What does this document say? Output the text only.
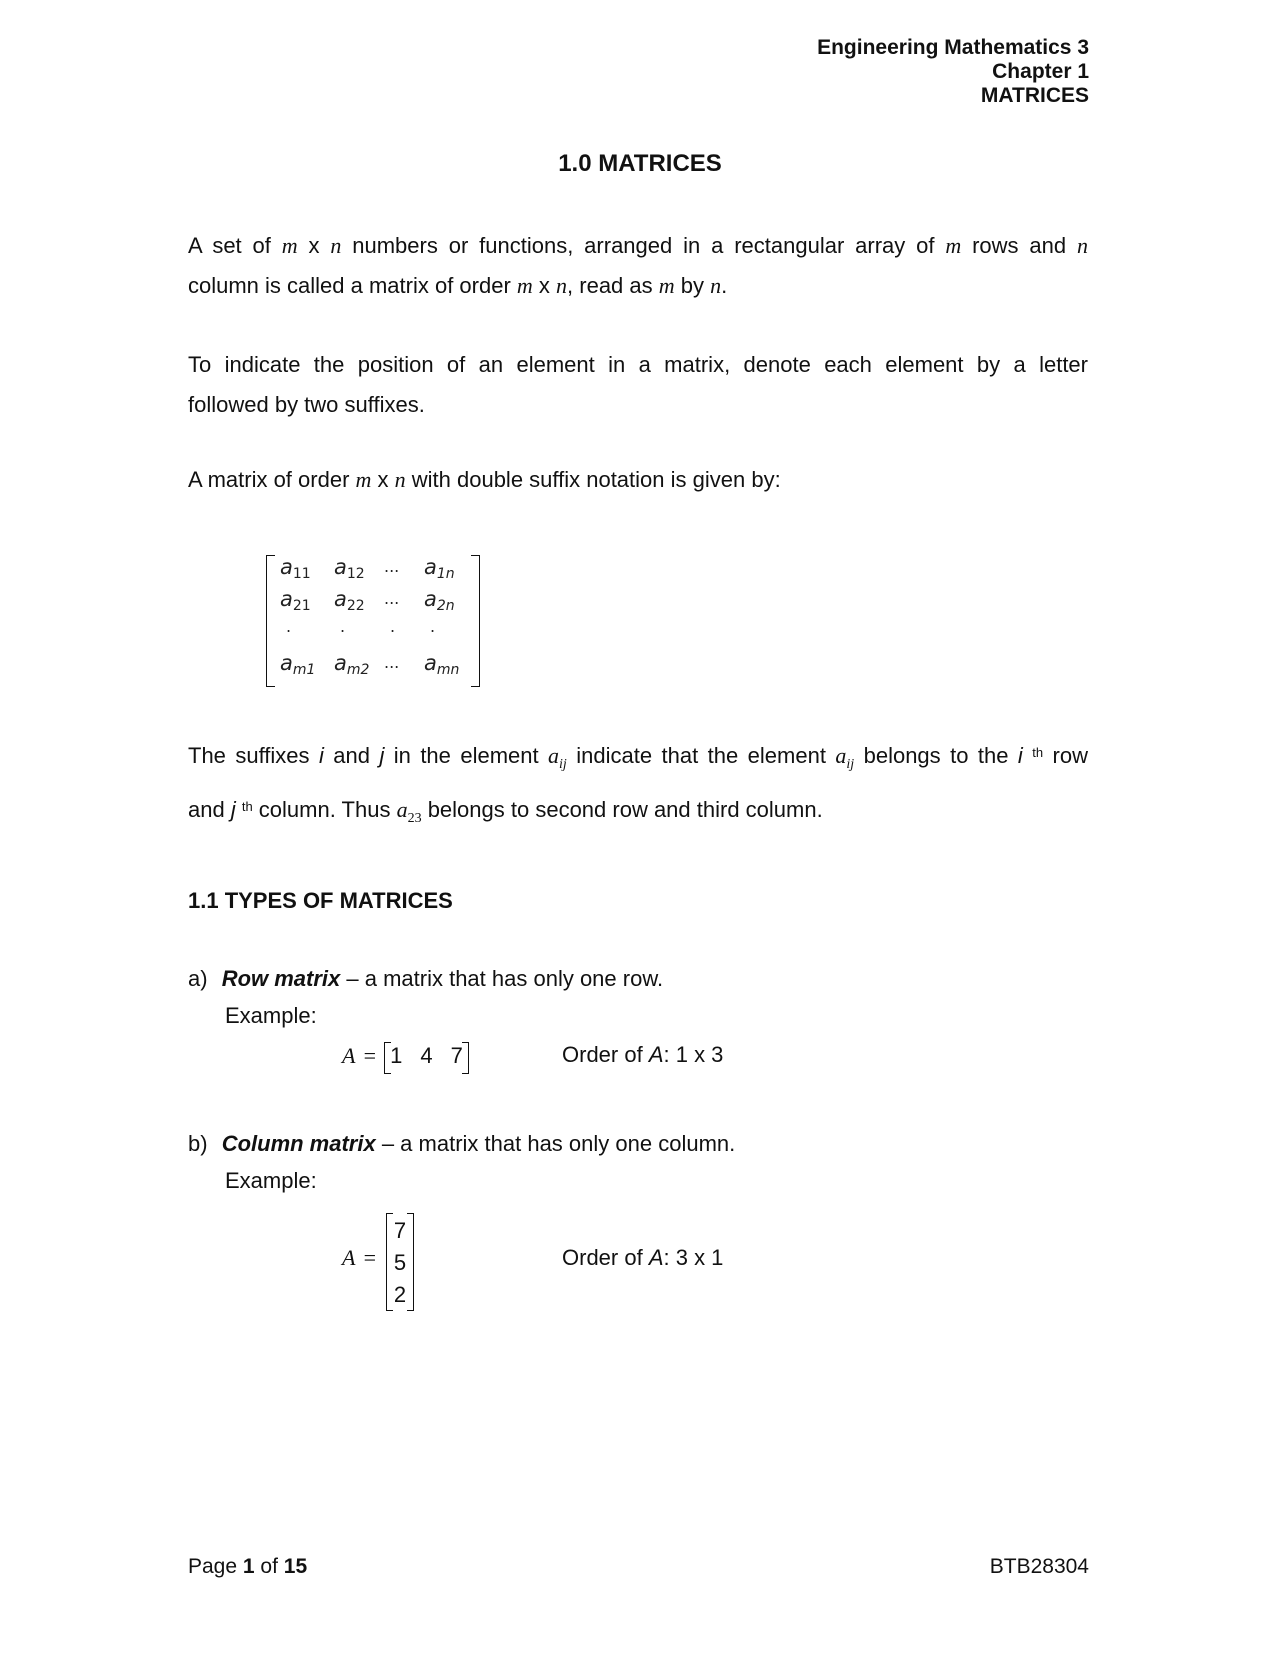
Engineering Mathematics 3
Chapter 1
MATRICES
1.0 MATRICES
A set of m x n numbers or functions, arranged in a rectangular array of m rows and n
column is called a matrix of order m x n, read as m by n.
To indicate the position of an element in a matrix, denote each element by a letter
followed by two suffixes.
A matrix of order m x n with double suffix notation is given by:
a11 a12 ... a1n
a21 a22 ... a2n
.	.	. .
am1 am2 ... amn
The suffixes i and j in the element $a_{ij}$ indicate that the element $a_{ij}$ belongs to the i $^{th}$ row
and j $^{th}$ column. Thus $a_{23}$ belongs to second row and third column.
1.1 TYPES OF MATRICES
a) Row matrix – a matrix that has only one row.
Example:
A = 1 4 7	Order of A: 1 x 3
b) Column matrix – a matrix that has only one column.
Example:
A =
7
5
2
Order of A: 3 x 1
Page 1 of 15	BTB28304
